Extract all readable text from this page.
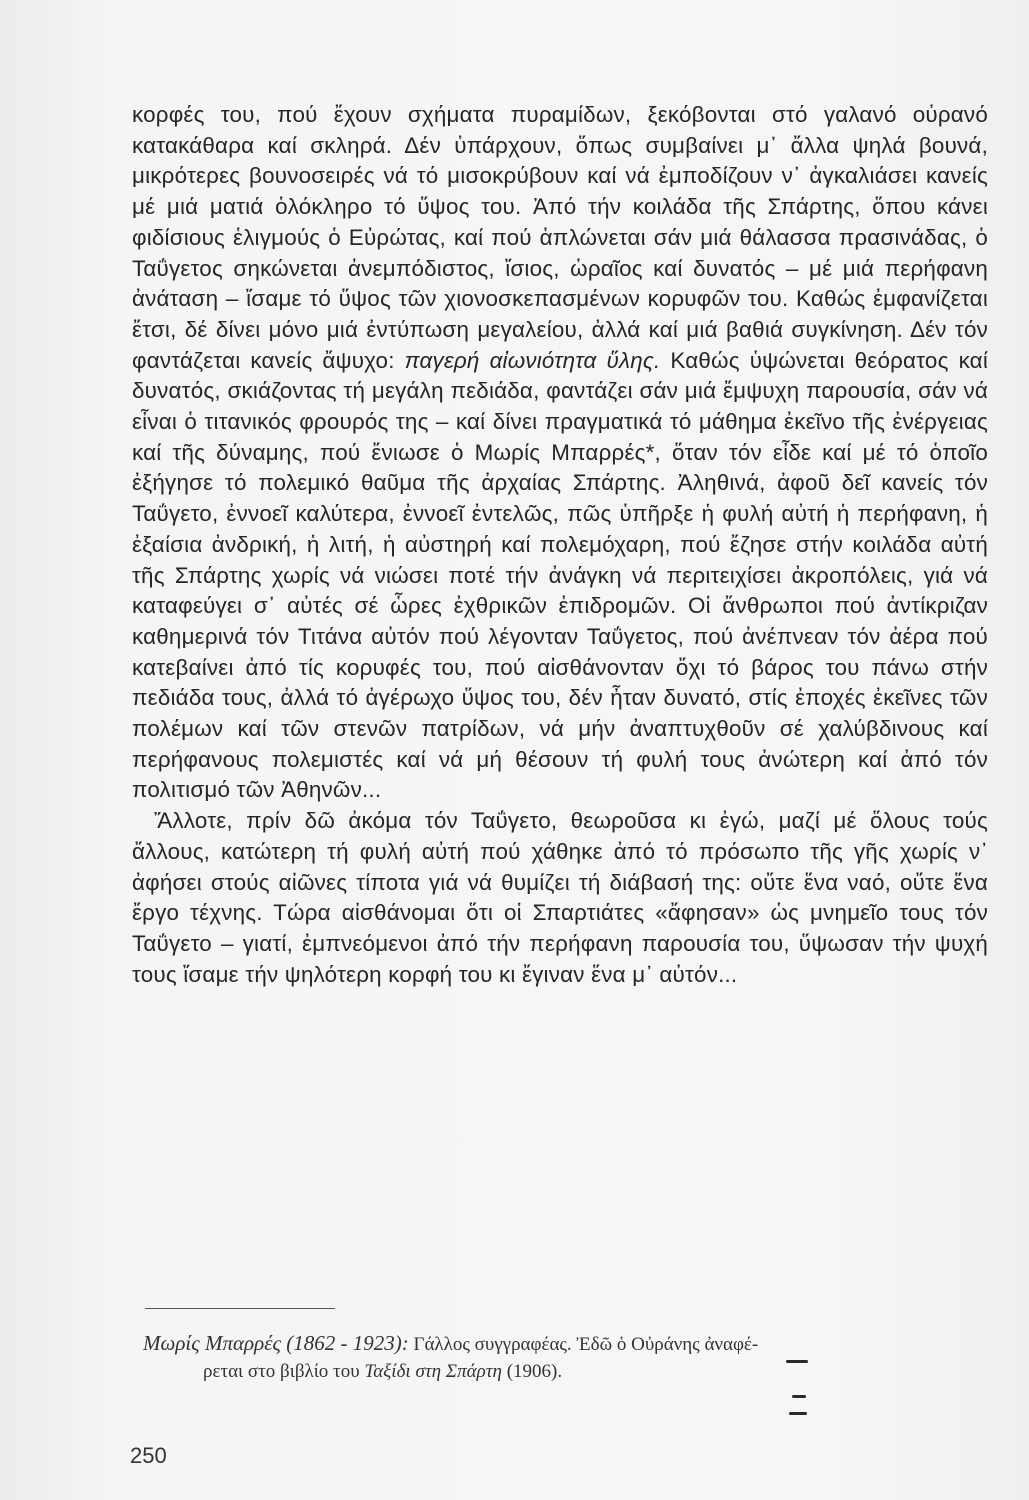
κορφές του, πού ἔχουν σχήματα πυραμίδων, ξεκόβονται στό γαλανό οὐρανό κατακάθαρα καί σκληρά. Δέν ὑπάρχουν, ὅπως συμβαίνει μ᾽ ἄλλα ψηλά βουνά, μικρότερες βουνοσειρές νά τό μισοκρύβουν καί νά ἐμποδίζουν ν᾽ ἀγκαλιάσει κανείς μέ μιά ματιά ὁλόκληρο τό ὕψος του. Ἀπό τήν κοιλάδα τῆς Σπάρτης, ὅπου κάνει φιδίσιους ἑλιγμούς ὁ Εὐρώτας, καί πού ἁπλώνεται σάν μιά θάλασσα πρασινάδας, ὁ Ταΰγετος σηκώνεται ἀνεμπόδιστος, ἴσιος, ὡραῖος καί δυνατός – μέ μιά περήφανη ἀνάταση – ἴσαμε τό ὕψος τῶν χιονοσκεπασμένων κορυφῶν του. Καθώς ἐμφανίζεται ἔτσι, δέ δίνει μόνο μιά ἐντύπωση μεγαλείου, ἀλλά καί μιά βαθιά συγκίνηση. Δέν τόν φαντάζεται κανείς ἄψυχο: παγερή αἰωνιότητα ὕλης. Καθώς ὑψώνεται θεόρατος καί δυνατός, σκιάζοντας τή μεγάλη πεδιάδα, φαντάζει σάν μιά ἔμψυχη παρουσία, σάν νά εἶναι ὁ τιτανικός φρουρός της – καί δίνει πραγματικά τό μάθημα ἐκεῖνο τῆς ἐνέργειας καί τῆς δύναμης, πού ἔνιωσε ὁ Μωρίς Μπαρρές*, ὅταν τόν εἶδε καί μέ τό ὁποῖο ἐξήγησε τό πολεμικό θαῦμα τῆς ἀρχαίας Σπάρτης. Ἀληθινά, ἀφοῦ δεῖ κανείς τόν Ταΰγετο, ἐννοεῖ καλύτερα, ἐννοεῖ ἐντελῶς, πῶς ὑπῆρξε ἡ φυλή αὐτή ἡ περήφανη, ἡ ἐξαίσια ἀνδρική, ἡ λιτή, ἡ αὐστηρή καί πολεμόχαρη, πού ἔζησε στήν κοιλάδα αὐτή τῆς Σπάρτης χωρίς νά νιώσει ποτέ τήν ἀνάγκη νά περιτειχίσει ἀκροπόλεις, γιά νά καταφεύγει σ᾽ αὐτές σέ ὧρες ἐχθρικῶν ἐπιδρομῶν. Οἱ ἄνθρωποι πού ἀντίκριζαν καθημερινά τόν Τιτάνα αὐτόν πού λέγονταν Ταΰγετος, πού ἀνέπνεαν τόν ἀέρα πού κατεβαίνει ἀπό τίς κορυφές του, πού αἰσθάνονταν ὄχι τό βάρος του πάνω στήν πεδιάδα τους, ἀλλά τό ἀγέρωχο ὕψος του, δέν ἦταν δυνατό, στίς ἐποχές ἐκεῖνες τῶν πολέμων καί τῶν στενῶν πατρίδων, νά μήν ἀναπτυχθοῦν σέ χαλύβδινους καί περήφανους πολεμιστές καί νά μή θέσουν τή φυλή τους ἀνώτερη καί ἀπό τόν πολιτισμό τῶν Ἀθηνῶν...

Ἄλλοτε, πρίν δῶ ἀκόμα τόν Ταΰγετο, θεωροῦσα κι ἐγώ, μαζί μέ ὅλους τούς ἄλλους, κατώτερη τή φυλή αὐτή πού χάθηκε ἀπό τό πρόσωπο τῆς γῆς χωρίς ν᾽ ἀφήσει στούς αἰῶνες τίποτα γιά νά θυμίζει τή διάβασή της: οὔτε ἕνα ναό, οὔτε ἕνα ἔργο τέχνης. Τώρα αἰσθάνομαι ὅτι οἱ Σπαρτιάτες «ἄφησαν» ὡς μνημεῖο τους τόν Ταΰγετο – γιατί, ἐμπνεόμενοι ἀπό τήν περήφανη παρουσία του, ὕψωσαν τήν ψυχή τους ἴσαμε τήν ψηλότερη κορφή του κι ἔγιναν ἕνα μ᾽ αὐτόν...

Μωρίς Μπαρρές (1862 - 1923): Γάλλος συγγραφέας. Ἐδῶ ὁ Οὐράνης ἀναφέ-
ρεται στο βιβλίο του Ταξίδι στη Σπάρτη (1906).
250
